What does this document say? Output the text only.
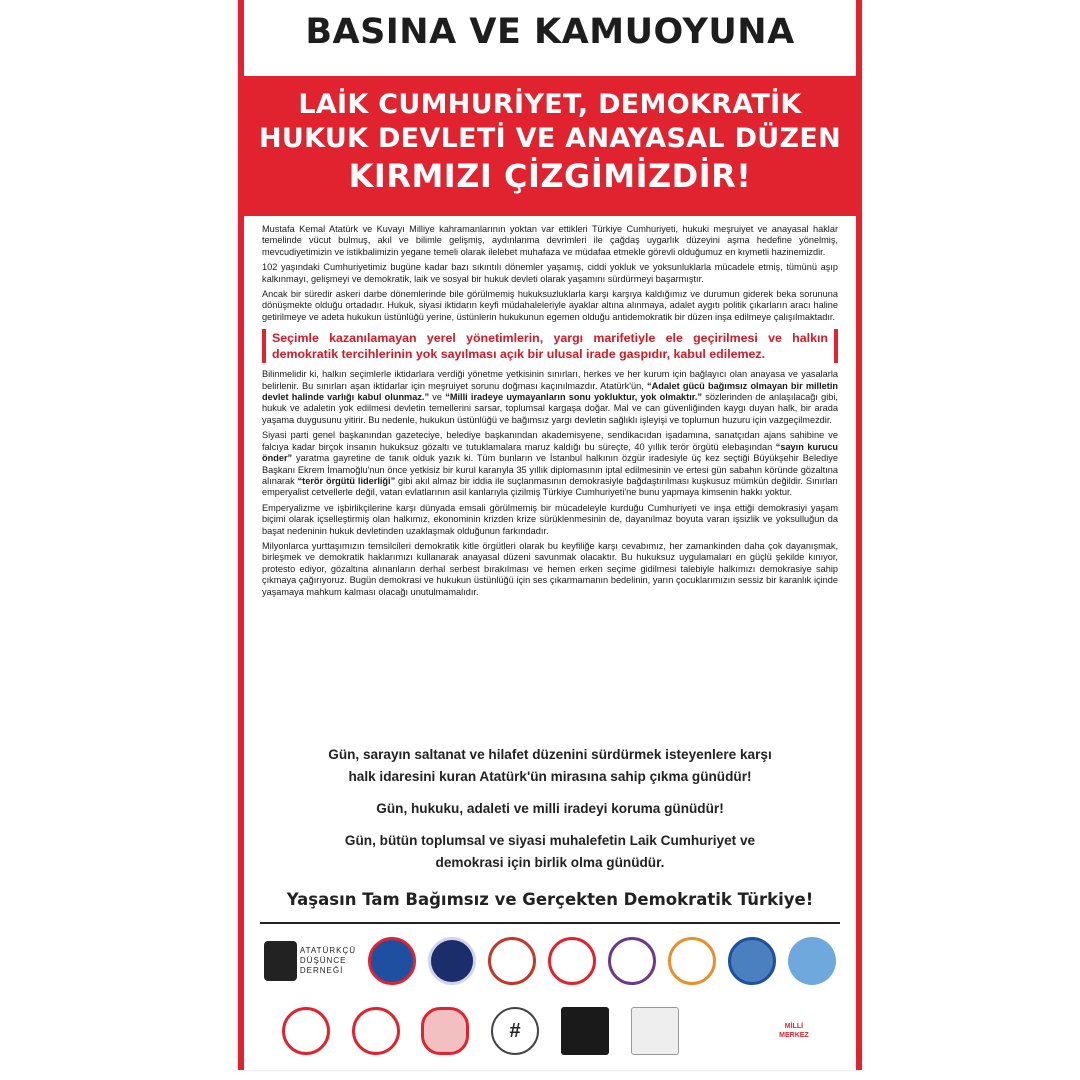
BASINA VE KAMUOYUNA
LAİK CUMHURİYET, DEMOKRATİK
HUKUK DEVLETİ VE ANAYASAL DÜZEN
KIRMIZI ÇİZGİMİZDİR!

Mustafa Kemal Atatürk ve Kuvayı Milliye kahramanlarının yoktan var ettikleri Türkiye Cumhuriyeti, hukuki meşruiyet ve anayasal haklar temelinde vücut bulmuş, akıl ve bilimle gelişmiş, aydınlanma devrimleri ile çağdaş uygarlık düzeyini aşma hedefine yönelmiş, mevcudiyetimizin ve istikbalimizin yegane temeli olarak ilelebet muhafaza ve müdafaa etmekle görevli olduğumuz en kıymetli hazinemizdir.

102 yaşındaki Cumhuriyetimiz bugüne kadar bazı sıkıntılı dönemler yaşamış, ciddi yokluk ve yoksunluklarla mücadele etmiş, tümünü aşıp kalkınmayı, gelişmeyi ve demokratik, laik ve sosyal bir hukuk devleti olarak yaşamını sürdürmeyi başarmıştır.

Ancak bir süredir askeri darbe dönemlerinde bile görülmemiş hukuksuzluklarla karşı karşıya kaldığımız ve durumun giderek beka sorununa dönüşmekte olduğu ortadadır. Hukuk, siyasi iktidarın keyfi müdahaleleriyle ayaklar altına alınmaya, adalet aygıtı politik çıkarların aracı haline getirilmeye ve adeta hukukun üstünlüğü yerine, üstünlerin hukukunun egemen olduğu antidemokratik bir düzen inşa edilmeye çalışılmaktadır.

Seçimle kazanılamayan yerel yönetimlerin, yargı marifetiyle ele geçirilmesi ve halkın demokratik tercihlerinin yok sayılması açık bir ulusal irade gaspıdır, kabul edilemez.

Bilinmelidir ki, halkın seçimlerle iktidarlara verdiği yönetme yetkisinin sınırları, herkes ve her kurum için bağlayıcı olan anayasa ve yasalarla belirlenir. Bu sınırları aşan iktidarlar için meşruiyet sorunu doğması kaçınılmazdır. Atatürk'ün, “Adalet gücü bağımsız olmayan bir milletin devlet halinde varlığı kabul olunmaz.” ve “Milli iradeye uymayanların sonu yokluktur, yok olmaktır.” sözlerinden de anlaşılacağı gibi, hukuk ve adaletin yok edilmesi devletin temellerini sarsar, toplumsal kargaşa doğar. Mal ve can güvenliğinden kaygı duyan halk, bir arada yaşama duygusunu yitirir. Bu nedenle, hukukun üstünlüğü ve bağımsız yargı devletin sağlıklı işleyişi ve toplumun huzuru için vazgeçilmezdir.

Siyasi parti genel başkanından gazeteciye, belediye başkanından akademisyene, sendikacıdan işadamına, sanatçıdan ajans sahibine ve falcıya kadar birçok insanın hukuksuz gözaltı ve tutuklamalara maruz kaldığı bu süreçte, 40 yıllık terör örgütü elebaşından “sayın kurucu önder” yaratma gayretine de tanık olduk yazık ki. Tüm bunların ve İstanbul halkının özgür iradesiyle üç kez seçtiği Büyükşehir Belediye Başkanı Ekrem İmamoğlu'nun önce yetkisiz bir kurul kararıyla 35 yıllık diplomasının iptal edilmesinin ve ertesi gün sabahın köründe gözaltına alınarak “terör örgütü liderliği” gibi akıl almaz bir iddia ile suçlanmasının demokrasiyle bağdaştırılması kuşkusuz mümkün değildir. Sınırları emperyalist cetvellerle değil, vatan evlatlarının asil kanlarıyla çizilmiş Türkiye Cumhuriyeti'ne bunu yapmaya kimsenin hakkı yoktur.

Emperyalizme ve işbirlikçilerine karşı dünyada emsali görülmemiş bir mücadeleyle kurduğu Cumhuriyeti ve inşa ettiği demokrasiyi yaşam biçimi olarak içselleştirmiş olan halkımız, ekonominin krizden krize sürüklenmesinin de, dayanılmaz boyuta varan işsizlik ve yoksulluğun da başat nedeninin hukuk devletinden uzaklaşmak olduğunun farkındadır.

Milyonlarca yurttaşımızın temsilcileri demokratik kitle örgütleri olarak bu keyfiliğe karşı cevabımız, her zamankinden daha çok dayanışmak, birleşmek ve demokratik haklarımızı kullanarak anayasal düzeni savunmak olacaktır. Bu hukuksuz uygulamaları en güçlü şekilde kınıyor, protesto ediyor, gözaltına alınanların derhal serbest bırakılması ve hemen erken seçime gidilmesi talebiyle halkımızı demokrasiye sahip çıkmaya çağırıyoruz. Bugün demokrasi ve hukukun üstünlüğü için ses çıkarmamanın bedelinin, yarın çocuklarımızın sessiz bir karanlık içinde yaşamaya mahkum kalması olacağı unutulmamalıdır.

Gün, sarayın saltanat ve hilafet düzenini sürdürmek isteyenlere karşı
halk idaresini kuran Atatürk'ün mirasına sahip çıkma günüdür!

Gün, hukuku, adaleti ve milli iradeyi koruma günüdür!

Gün, bütün toplumsal ve siyasi muhalefetin Laik Cumhuriyet ve
demokrasi için birlik olma günüdür.

Yaşasın Tam Bağımsız ve Gerçekten Demokratik Türkiye!
ATATÜRKÇÜ
DÜŞÜNCE
DERNEĞİ
#	MİLLİ MERKEZ
